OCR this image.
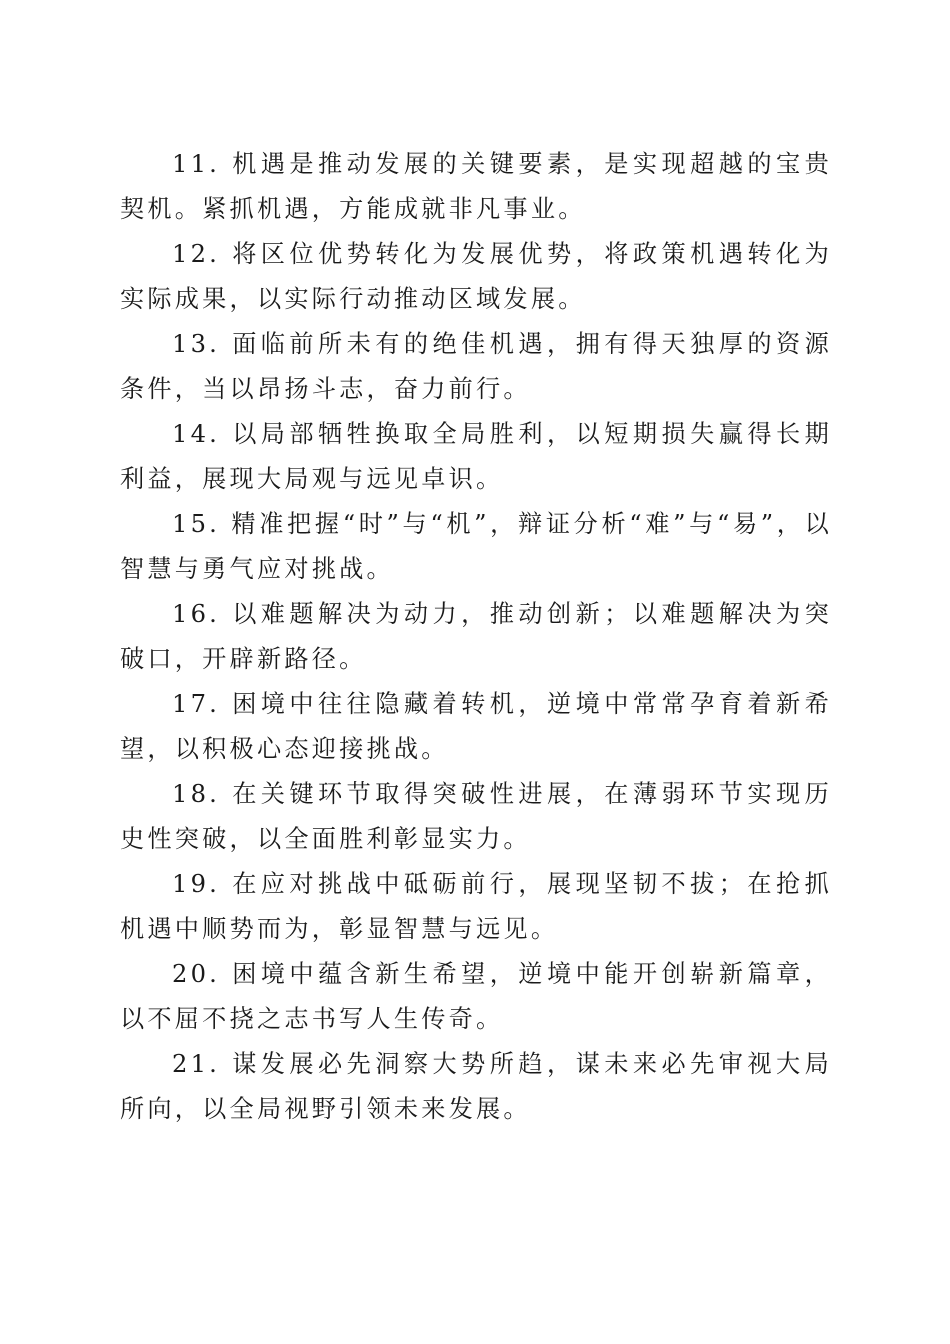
11. 机遇是推动发展的关键要素，是实现超越的宝贵契机。紧抓机遇，方能成就非凡事业。

12. 将区位优势转化为发展优势，将政策机遇转化为实际成果，以实际行动推动区域发展。

13. 面临前所未有的绝佳机遇，拥有得天独厚的资源条件，当以昂扬斗志，奋力前行。

14. 以局部牺牲换取全局胜利，以短期损失赢得长期利益，展现大局观与远见卓识。

15. 精准把握“时”与“机”，辩证分析“难”与“易”，以智慧与勇气应对挑战。

16. 以难题解决为动力，推动创新；以难题解决为突破口，开辟新路径。

17. 困境中往往隐藏着转机，逆境中常常孕育着新希望，以积极心态迎接挑战。

18. 在关键环节取得突破性进展，在薄弱环节实现历史性突破，以全面胜利彰显实力。

19. 在应对挑战中砥砺前行，展现坚韧不拔；在抢抓机遇中顺势而为，彰显智慧与远见。

20. 困境中蕴含新生希望，逆境中能开创崭新篇章，以不屈不挠之志书写人生传奇。

21. 谋发展必先洞察大势所趋，谋未来必先审视大局所向，以全局视野引领未来发展。
